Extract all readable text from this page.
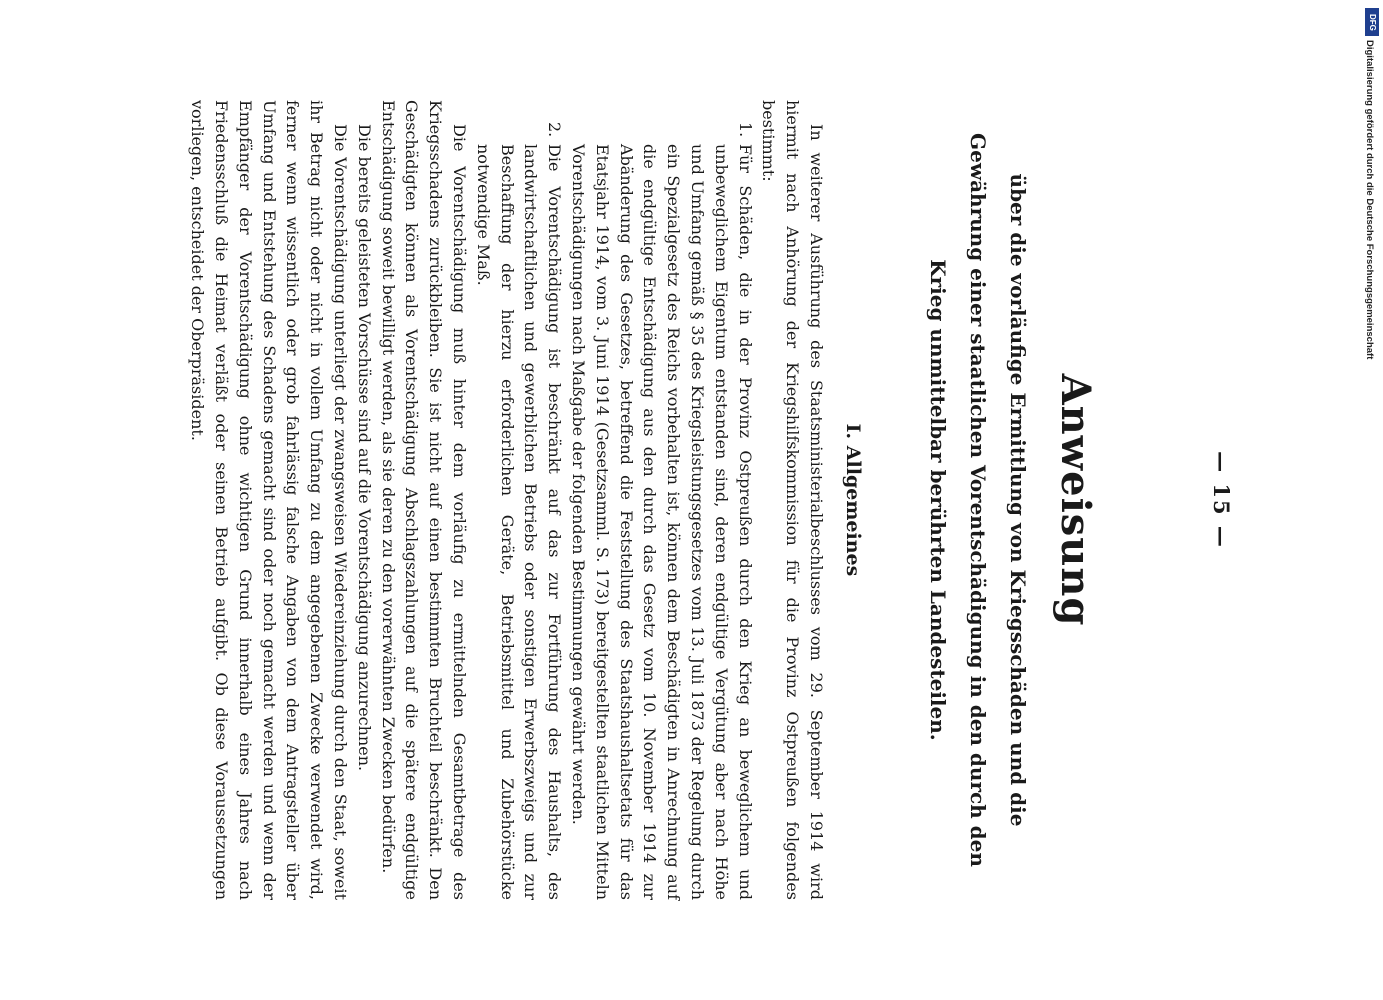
— 15 —
Anweisung
über die vorläufige Ermittlung von Kriegsschäden und die Gewährung einer staatlichen Vorentschädigung in den durch den Krieg unmittelbar berührten Landesteilen.
I. Allgemeines

In weiterer Ausführung des Staatsministerialbeschlusses vom 29. September 1914 wird hiermit nach Anhörung der Kriegshilfskommission für die Provinz Ostpreußen folgendes bestimmt:

1.
Für Schäden, die in der Provinz Ostpreußen durch den Krieg an beweglichem und unbeweglichem Eigentum entstanden sind, deren endgültige Vergütung aber nach Höhe und Umfang gemäß § 35 des Kriegsleistungsgesetzes vom 13. Juli 1873 der Regelung durch ein Spezialgesetz des Reichs vorbehalten ist, können dem Beschädigten in Anrechnung auf die endgültige Entschädigung aus den durch das Gesetz vom 10. November 1914 zur Abänderung des Gesetzes, betreffend die Feststellung des Staatshaushaltsetats für das Etatsjahr 1914, vom 3. Juni 1914 (Gesetzsamml. S. 173) bereitgestellten staatlichen Mitteln Vorentschädigungen nach Maßgabe der folgenden Bestimmungen gewährt werden.
2.
Die Vorentschädigung ist beschränkt auf das zur Fortführung des Haushalts, des landwirtschaftlichen und gewerblichen Betriebs oder sonstigen Erwerbszweigs und zur Beschaffung der hierzu erforderlichen Geräte, Betriebsmittel und Zubehörstücke notwendige Maß.

Die Vorentschädigung muß hinter dem vorläufig zu ermittelnden Gesamtbetrage des Kriegsschadens zurückbleiben. Sie ist nicht auf einen bestimmten Bruchteil beschränkt. Den Geschädigten können als Vorentschädigung Abschlagszahlungen auf die spätere endgültige Entschädigung soweit bewilligt werden, als sie deren zu den vorerwähnten Zwecken bedürfen.

Die bereits geleisteten Vorschüsse sind auf die Vorentschädigung anzurechnen.

Die Vorentschädigung unterliegt der zwangsweisen Wiedereinziehung durch den Staat, soweit ihr Betrag nicht oder nicht in vollem Umfang zu dem angegebenen Zwecke verwendet wird, ferner wenn wissentlich oder grob fahrlässig falsche Angaben von dem Antragsteller über Umfang und Entstehung des Schadens gemacht sind oder noch gemacht werden und wenn der Empfänger der Vorentschädigung ohne wichtigen Grund innerhalb eines Jahres nach Friedensschluß die Heimat verläßt oder seinen Betrieb aufgibt. Ob diese Voraussetzungen vorliegen, entscheidet der Oberpräsident.

DFG
Digitalisierung gefördert durch die Deutsche Forschungsgemeinschaft
